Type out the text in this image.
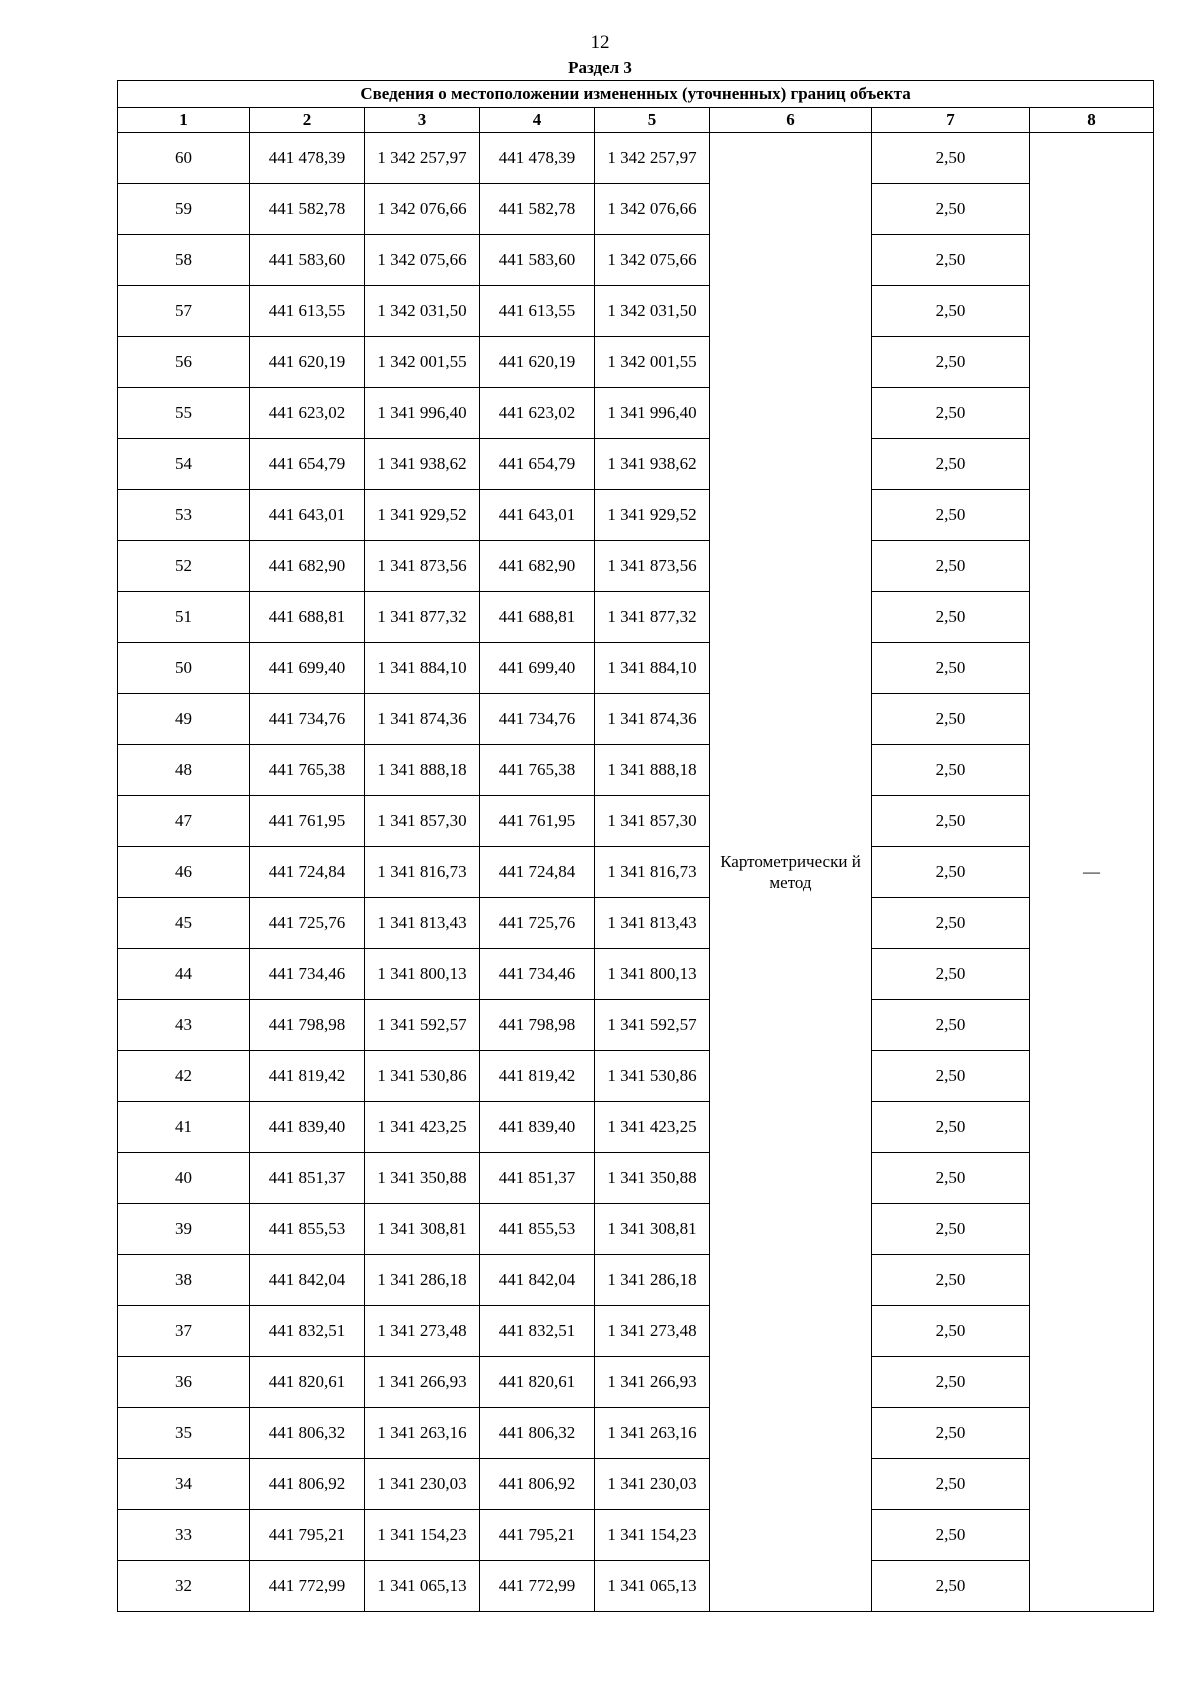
12
Раздел 3
Сведения о местоположении измененных (уточненных) границ объекта							
1	2	3	4	5	6	7	8
60	441 478,39	1 342 257,97	441 478,39	1 342 257,97	Картометрически й метод	2,50	—
59	441 582,78	1 342 076,66	441 582,78	1 342 076,66		2,50	
58	441 583,60	1 342 075,66	441 583,60	1 342 075,66		2,50	
57	441 613,55	1 342 031,50	441 613,55	1 342 031,50		2,50	
56	441 620,19	1 342 001,55	441 620,19	1 342 001,55		2,50	
55	441 623,02	1 341 996,40	441 623,02	1 341 996,40		2,50	
54	441 654,79	1 341 938,62	441 654,79	1 341 938,62		2,50	
53	441 643,01	1 341 929,52	441 643,01	1 341 929,52		2,50	
52	441 682,90	1 341 873,56	441 682,90	1 341 873,56		2,50	
51	441 688,81	1 341 877,32	441 688,81	1 341 877,32		2,50	
50	441 699,40	1 341 884,10	441 699,40	1 341 884,10		2,50	
49	441 734,76	1 341 874,36	441 734,76	1 341 874,36		2,50	
48	441 765,38	1 341 888,18	441 765,38	1 341 888,18		2,50	
47	441 761,95	1 341 857,30	441 761,95	1 341 857,30		2,50	
46	441 724,84	1 341 816,73	441 724,84	1 341 816,73		2,50	
45	441 725,76	1 341 813,43	441 725,76	1 341 813,43		2,50	
44	441 734,46	1 341 800,13	441 734,46	1 341 800,13		2,50	
43	441 798,98	1 341 592,57	441 798,98	1 341 592,57		2,50	
42	441 819,42	1 341 530,86	441 819,42	1 341 530,86		2,50	
41	441 839,40	1 341 423,25	441 839,40	1 341 423,25		2,50	
40	441 851,37	1 341 350,88	441 851,37	1 341 350,88		2,50	
39	441 855,53	1 341 308,81	441 855,53	1 341 308,81		2,50	
38	441 842,04	1 341 286,18	441 842,04	1 341 286,18		2,50	
37	441 832,51	1 341 273,48	441 832,51	1 341 273,48		2,50	
36	441 820,61	1 341 266,93	441 820,61	1 341 266,93		2,50	
35	441 806,32	1 341 263,16	441 806,32	1 341 263,16		2,50	
34	441 806,92	1 341 230,03	441 806,92	1 341 230,03		2,50	
33	441 795,21	1 341 154,23	441 795,21	1 341 154,23		2,50	
32	441 772,99	1 341 065,13	441 772,99	1 341 065,13		2,50	
